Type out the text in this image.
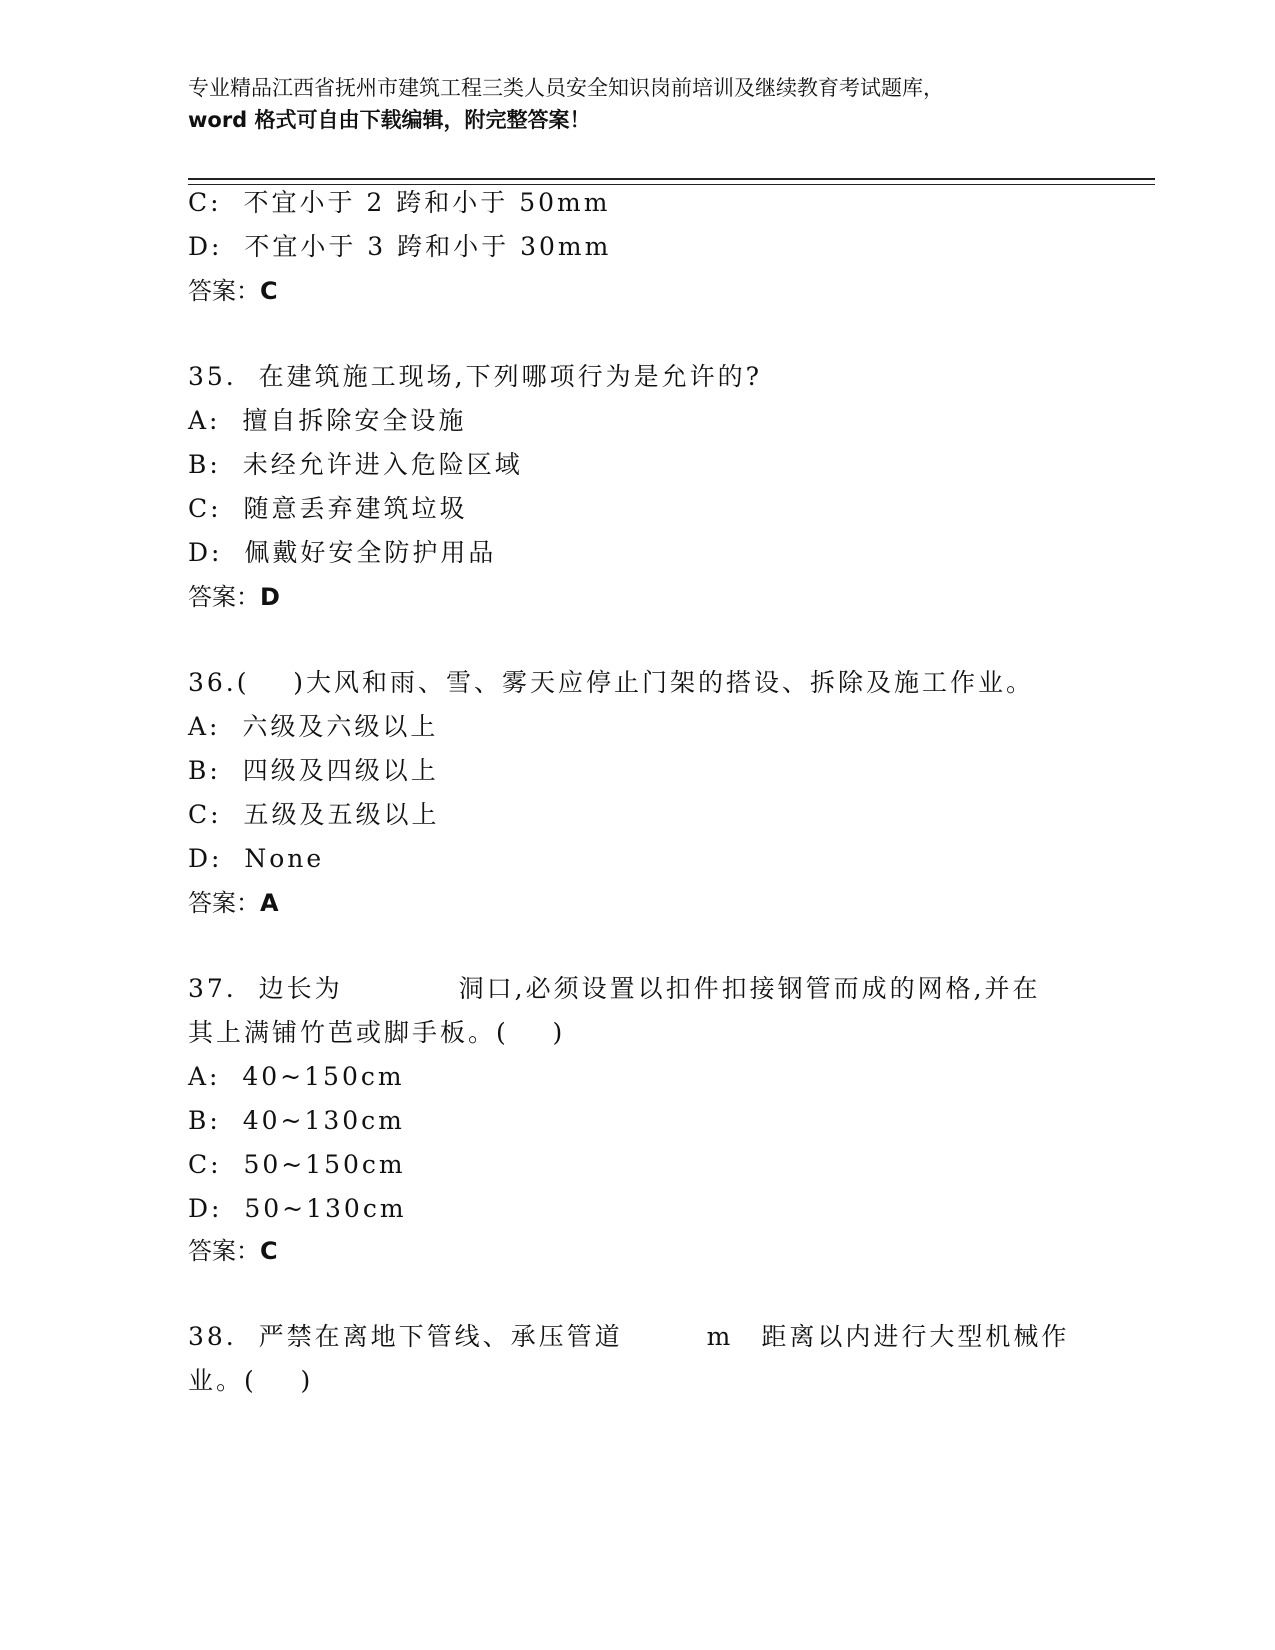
专业精品江西省抚州市建筑工程三类人员安全知识岗前培训及继续教育考试题库，
word 格式可自由下载编辑，附完整答案！
C:  不宜小于 2 跨和小于 50mm
D:  不宜小于 3 跨和小于 30mm
答案：C
35.  在建筑施工现场,下列哪项行为是允许的?
A:  擅自拆除安全设施
B:  未经允许进入危险区域
C:  随意丢弃建筑垃圾
D:  佩戴好安全防护用品
答案：D
36.(    )大风和雨、雪、雾天应停止门架的搭设、拆除及施工作业。
A:  六级及六级以上
B:  四级及四级以上
C:  五级及五级以上
D:  None
答案：A
37.  边长为	洞口,必须设置以扣件扣接钢管而成的网格,并在
其上满铺竹芭或脚手板。(    )
A:  40~150cm
B:  40~130cm
C:  50~150cm
D:  50~130cm
答案：C
38.  严禁在离地下管线、承压管道	m 距离以内进行大型机械作
业。(    )
